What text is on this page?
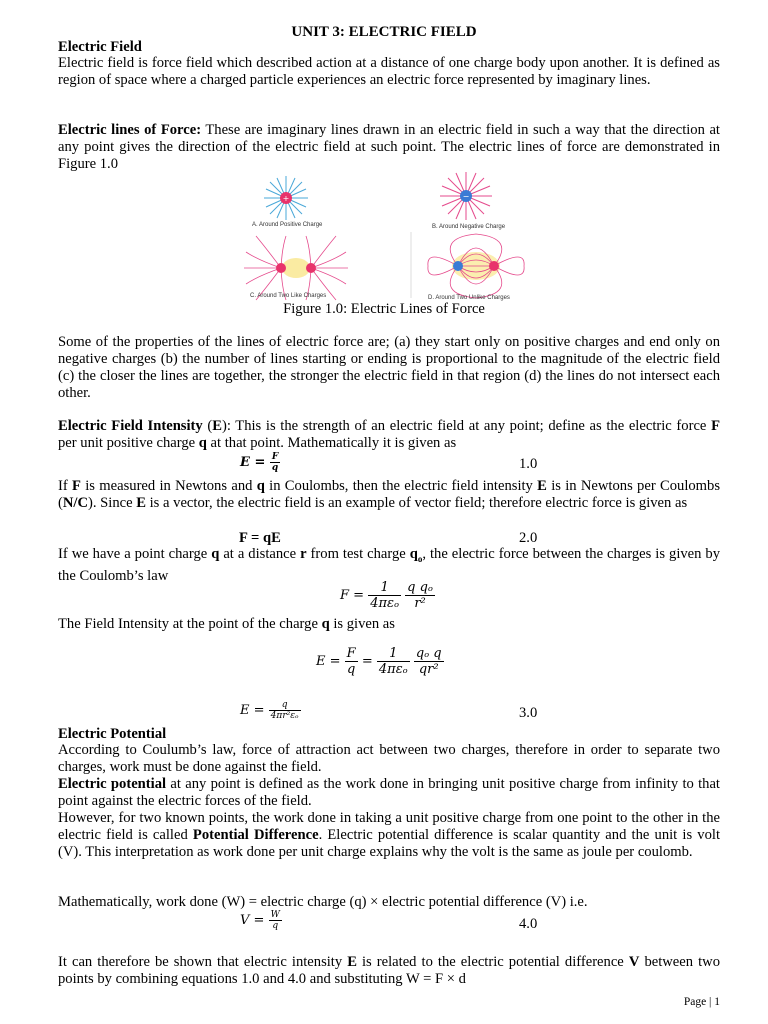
UNIT 3: ELECTRIC FIELD
Electric Field
Electric field is force field which described action at a distance of one charge body upon another. It is defined as region of space where a charged particle experiences an electric force represented by imaginary lines.
Electric lines of Force: These are imaginary lines drawn in an electric field in such a way that the direction at any point gives the direction of the electric field at such point. The electric lines of force are demonstrated in Figure 1.0
+	−
A. Around Positive Charge	B. Around Negative Charge
C. Around Two Like Charges	D. Around Two Unlike Charges
Figure 1.0: Electric Lines of Force
Some of the properties of the lines of electric force are; (a) they start only on positive charges and end only on negative charges (b) the number of lines starting or ending is proportional to the magnitude of the electric field (c) the closer the lines are together, the stronger the electric field in that region (d) the lines do not intersect each other.
Electric Field Intensity (E): This is the strength of an electric field at any point; define as the electric force F per unit positive charge q at that point. Mathematically it is given as
$E = \frac{F}{q}$	1.0
If F is measured in Newtons and q in Coulombs, then the electric field intensity E is in Newtons per Coulombs (N/C). Since E is a vector, the electric field is an example of vector field; therefore electric force is given as
F = qE	2.0
If we have a point charge q at a distance r from test charge $q_o$, the electric force between the charges is given by the Coulomb’s law
$F = \frac{1}{\text{4πεₒ}}$
$\frac{\text{q qₒ}}{\text{r²}}$
The Field Intensity at the point of the charge q is given as
$E = \frac{F}{q} = \frac{1}{\text{4πεₒ}}$
$\frac{\text{qₒ q}}{\text{qr²}}$
$E = \frac{q}{\text{4πr²εₒ}}$	3.0
Electric Potential
According to Coulumb’s law, force of attraction act between two charges, therefore in order to separate two charges, work must be done against the field.
Electric potential at any point is defined as the work done in bringing unit positive charge from infinity to that point against the electric forces of the field.
However, for two known points, the work done in taking a unit positive charge from one point to the other in the electric field is called Potential Difference. Electric potential difference is scalar quantity and the unit is volt (V). This interpretation as work done per unit charge explains why the volt is the same as joule per coulomb.
Mathematically, work done (W) = electric charge (q) × electric potential difference (V) i.e.
$V = \frac{W}{q}$	4.0
It can therefore be shown that electric intensity E is related to the electric potential difference V between two points by combining equations 1.0 and 4.0 and substituting W = F × d
Page | 1
